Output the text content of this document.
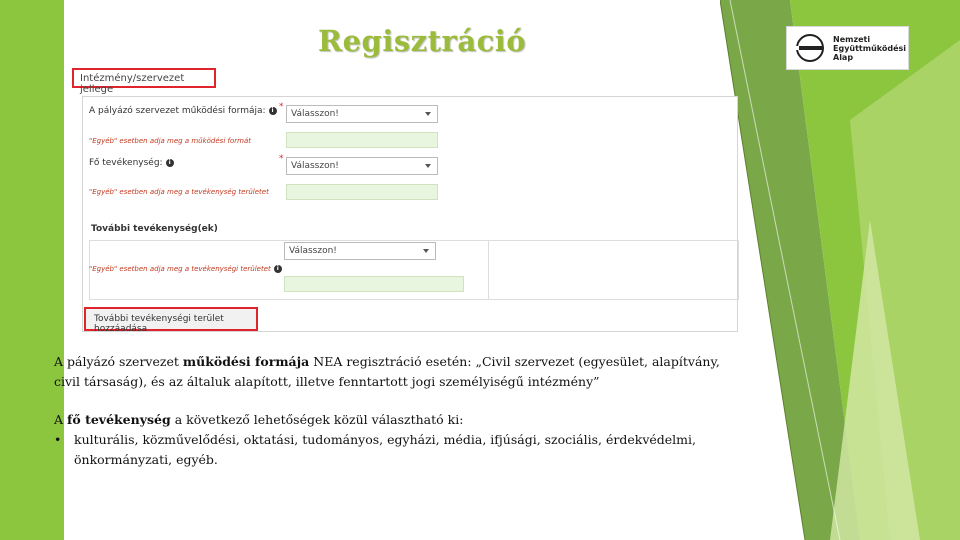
Regisztráció	Nemzeti
Együttműködési
Alap
Intézmény/szervezet jellege
A pályázó szervezet működési formája: i *
Válasszon!
"Egyéb" esetben adja meg a működési formát
Fő tevékenység: i	*
Válasszon!
"Egyéb" esetben adja meg a tevékenység területet
További tevékenység(ek)
Válasszon!
"Egyéb" esetben adja meg a tevékenységi területet i
További tevékenységi terület hozzáadása
A pályázó szervezet működési formája NEA regisztráció esetén: „Civil szervezet (egyesület, alapítvány, civil társaság), és az általuk alapított, illetve fenntartott jogi személyiségű intézmény”
A fő tevékenység a következő lehetőségek közül választható ki:
•	kulturális, közművelődési, oktatási, tudományos, egyházi, média, ifjúsági, szociális, érdekvédelmi, önkormányzati, egyéb.
